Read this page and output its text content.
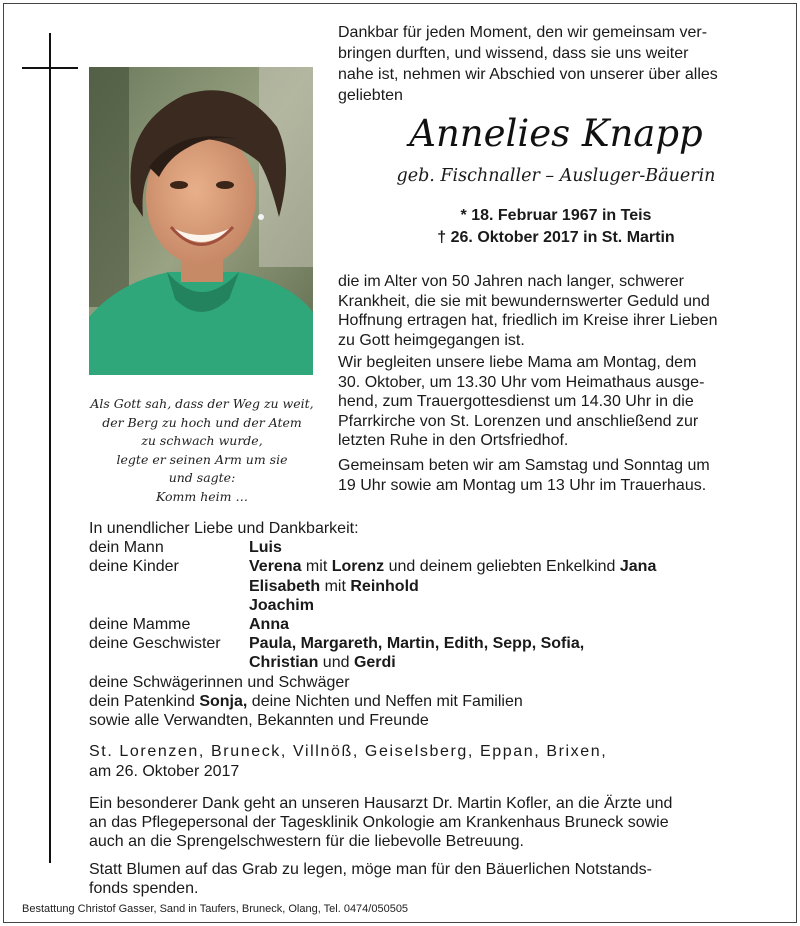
Als Gott sah, dass der Weg zu weit,
der Berg zu hoch und der Atem
zu schwach wurde,
legte er seinen Arm um sie
und sagte:
Komm heim …
Dankbar für jeden Moment, den wir gemeinsam ver-
bringen durften, und wissend, dass sie uns weiter
nahe ist, nehmen wir Abschied von unserer über alles
geliebten
Annelies Knapp
geb. Fischnaller – Ausluger-Bäuerin
* 18. Februar 1967 in Teis
† 26. Oktober 2017 in St. Martin
die im Alter von 50 Jahren nach langer, schwerer
Krankheit, die sie mit bewundernswerter Geduld und
Hoffnung ertragen hat, friedlich im Kreise ihrer Lieben
zu Gott heimgegangen ist.
Wir begleiten unsere liebe Mama am Montag, dem
30. Oktober, um 13.30 Uhr vom Heimathaus ausge-
hend, zum Trauergottesdienst um 14.30 Uhr in die
Pfarrkirche von St. Lorenzen und anschließend zur
letzten Ruhe in den Ortsfriedhof.
Gemeinsam beten wir am Samstag und Sonntag um
19 Uhr sowie am Montag um 13 Uhr im Trauerhaus.
In unendlicher Liebe und Dankbarkeit:
dein Mann	Luis
deine Kinder	Verena mit Lorenz und deinem geliebten Enkelkind Jana
Elisabeth mit Reinhold
Joachim
deine Mamme	Anna
deine Geschwister	Paula, Margareth, Martin, Edith, Sepp, Sofia,
Christian und Gerdi
deine Schwägerinnen und Schwäger
dein Patenkind Sonja, deine Nichten und Neffen mit Familien
sowie alle Verwandten, Bekannten und Freunde
St. Lorenzen, Bruneck, Villnöß, Geiselsberg, Eppan, Brixen,
am 26. Oktober 2017
Ein besonderer Dank geht an unseren Hausarzt Dr. Martin Kofler, an die Ärzte und
an das Pflegepersonal der Tagesklinik Onkologie am Krankenhaus Bruneck sowie
auch an die Sprengelschwestern für die liebevolle Betreuung.
Statt Blumen auf das Grab zu legen, möge man für den Bäuerlichen Notstands-
fonds spenden.
Bestattung Christof Gasser, Sand in Taufers, Bruneck, Olang, Tel. 0474/050505
